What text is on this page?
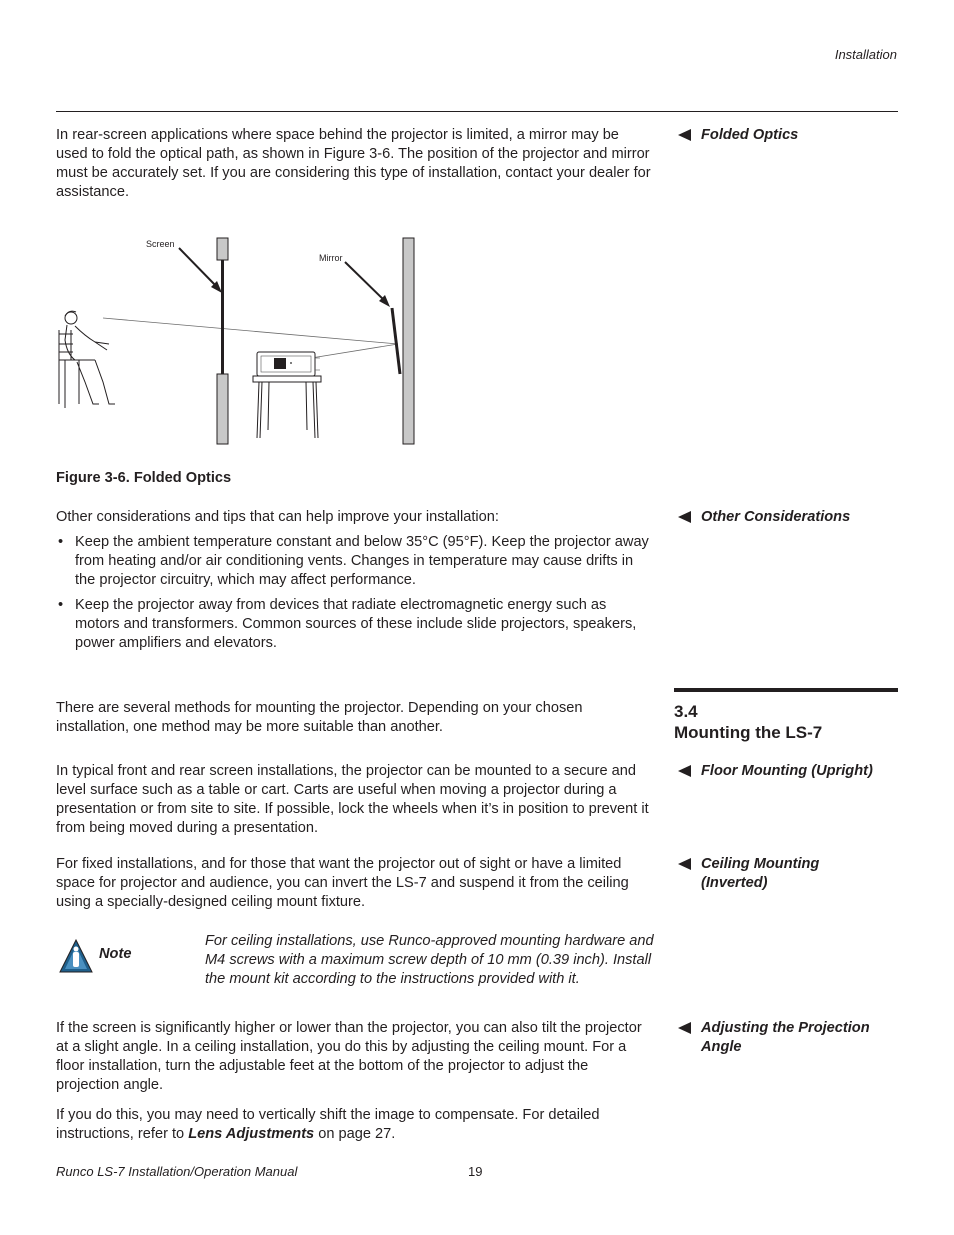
Installation
Folded Optics

In rear-screen applications where space behind the projector is limited, a mirror may be used to fold the optical path, as shown in Figure 3-6. The position of the projector and mirror must be accurately set. If you are considering this type of installation, contact your dealer for assistance.

Screen
Mirror
Figure 3-6. Folded Optics
Other Considerations

Other considerations and tips that can help improve your installation:

• Keep the ambient temperature constant and below 35°C (95°F). Keep the projector away from heating and/or air conditioning vents. Changes in temperature may cause drifts in the projector circuitry, which may affect performance.
• Keep the projector away from devices that radiate electromagnetic energy such as motors and transformers. Common sources of these include slide projectors, speakers, power amplifiers and elevators.
3.4
Mounting the LS-7

There are several methods for mounting the projector. Depending on your chosen installation, one method may be more suitable than another.

Floor Mounting (Upright)

In typical front and rear screen installations, the projector can be mounted to a secure and level surface such as a table or cart. Carts are useful when moving a projector during a presentation or from site to site. If possible, lock the wheels when it’s in position to prevent it from being moved during a presentation.

Ceiling Mounting
(Inverted)

For fixed installations, and for those that want the projector out of sight or have a limited space for projector and audience, you can invert the LS-7 and suspend it from the ceiling using a specially-designed ceiling mount fixture.

Note

For ceiling installations, use Runco-approved mounting hardware and M4 screws with a maximum screw depth of 10 mm (0.39 inch). Install the mount kit according to the instructions provided with it.

Adjusting the Projection
Angle

If the screen is significantly higher or lower than the projector, you can also tilt the projector at a slight angle. In a ceiling installation, you do this by adjusting the ceiling mount. For a floor installation, turn the adjustable feet at the bottom of the projector to adjust the projection angle.

If you do this, you may need to vertically shift the image to compensate. For detailed instructions, refer to Lens Adjustments on page 27.

Runco LS-7 Installation/Operation Manual	19
